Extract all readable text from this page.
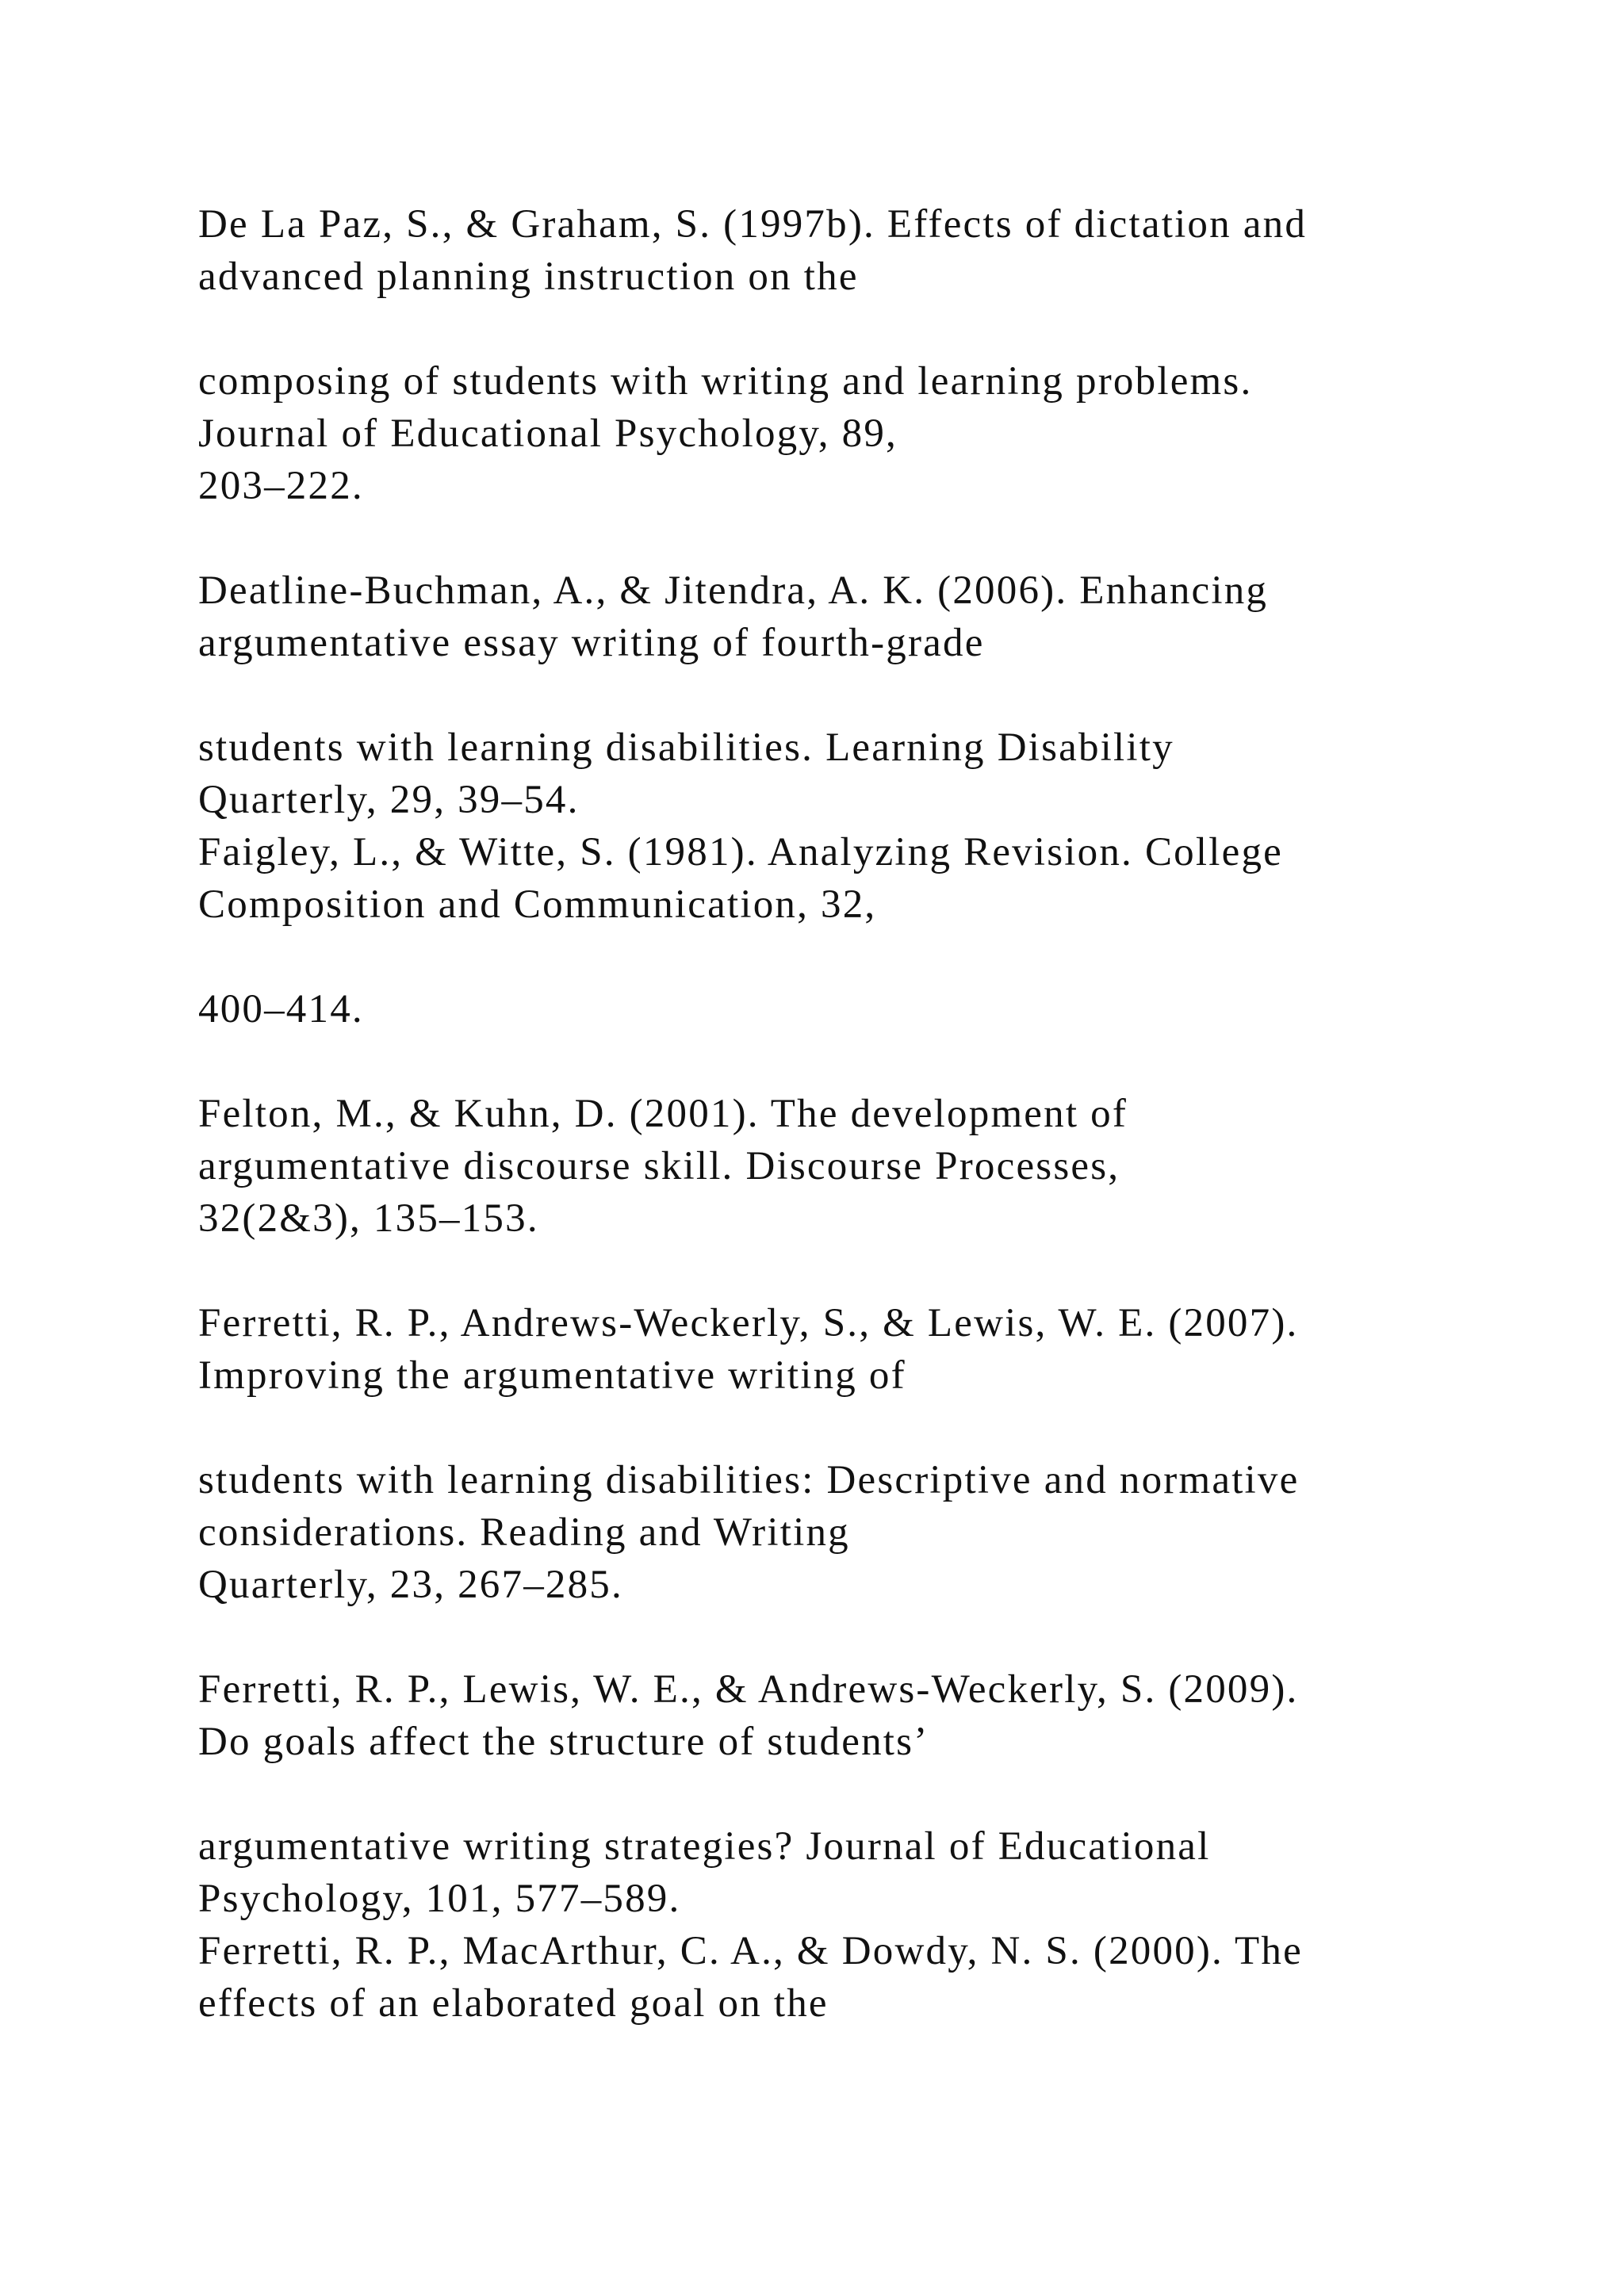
De La Paz, S., & Graham, S. (1997b). Effects of dictation and
advanced planning instruction on the
composing of students with writing and learning problems.
Journal of Educational Psychology, 89,
203–222.
Deatline-Buchman, A., & Jitendra, A. K. (2006). Enhancing
argumentative essay writing of fourth-grade
students with learning disabilities. Learning Disability
Quarterly, 29, 39–54.
Faigley, L., & Witte, S. (1981). Analyzing Revision. College
Composition and Communication, 32,
400–414.
Felton, M., & Kuhn, D. (2001). The development of
argumentative discourse skill. Discourse Processes,
32(2&3), 135–153.
Ferretti, R. P., Andrews-Weckerly, S., & Lewis, W. E. (2007).
Improving the argumentative writing of
students with learning disabilities: Descriptive and normative
considerations. Reading and Writing
Quarterly, 23, 267–285.
Ferretti, R. P., Lewis, W. E., & Andrews-Weckerly, S. (2009).
Do goals affect the structure of students’
argumentative writing strategies? Journal of Educational
Psychology, 101, 577–589.
Ferretti, R. P., MacArthur, C. A., & Dowdy, N. S. (2000). The
effects of an elaborated goal on the
